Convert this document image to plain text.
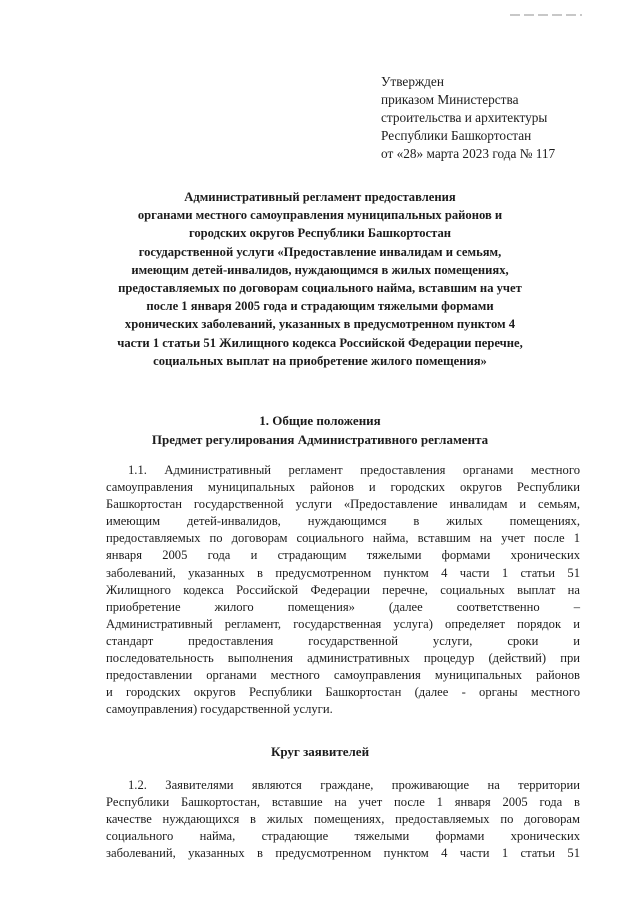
Утвержден
приказом Министерства
строительства и архитектуры
Республики Башкортостан
от «28» марта 2023 года № 117
Административный регламент предоставления
органами местного самоуправления муниципальных районов и
городских округов Республики Башкортостан
государственной услуги «Предоставление инвалидам и семьям,
имеющим детей-инвалидов, нуждающимся в жилых помещениях,
предоставляемых по договорам социального найма, вставшим на учет
после 1 января 2005 года и страдающим тяжелыми формами
хронических заболеваний, указанных в предусмотренном пунктом 4
части 1 статьи 51 Жилищного кодекса Российской Федерации перечне,
социальных выплат на приобретение жилого помещения»
1. Общие положения
Предмет регулирования Административного регламента
1.1. Административный регламент предоставления органами местного
самоуправления муниципальных районов и городских округов Республики
Башкортостан государственной услуги «Предоставление инвалидам и семьям,
имеющим детей-инвалидов, нуждающимся в жилых помещениях,
предоставляемых по договорам социального найма, вставшим на учет после 1
января 2005 года и страдающим тяжелыми формами хронических
заболеваний, указанных в предусмотренном пунктом 4 части 1 статьи 51
Жилищного кодекса Российской Федерации перечне, социальных выплат на
приобретение жилого помещения» (далее соответственно –
Административный регламент, государственная услуга) определяет порядок и
стандарт предоставления государственной услуги, сроки и
последовательность выполнения административных процедур (действий) при
предоставлении органами местного самоуправления муниципальных районов
и городских округов Республики Башкортостан (далее - органы местного
самоуправления) государственной услуги.
Круг заявителей
1.2. Заявителями являются граждане, проживающие на территории
Республики Башкортостан, вставшие на учет после 1 января 2005 года в
качестве нуждающихся в жилых помещениях, предоставляемых по договорам
социального найма, страдающие тяжелыми формами хронических
заболеваний, указанных в предусмотренном пунктом 4 части 1 статьи 51
